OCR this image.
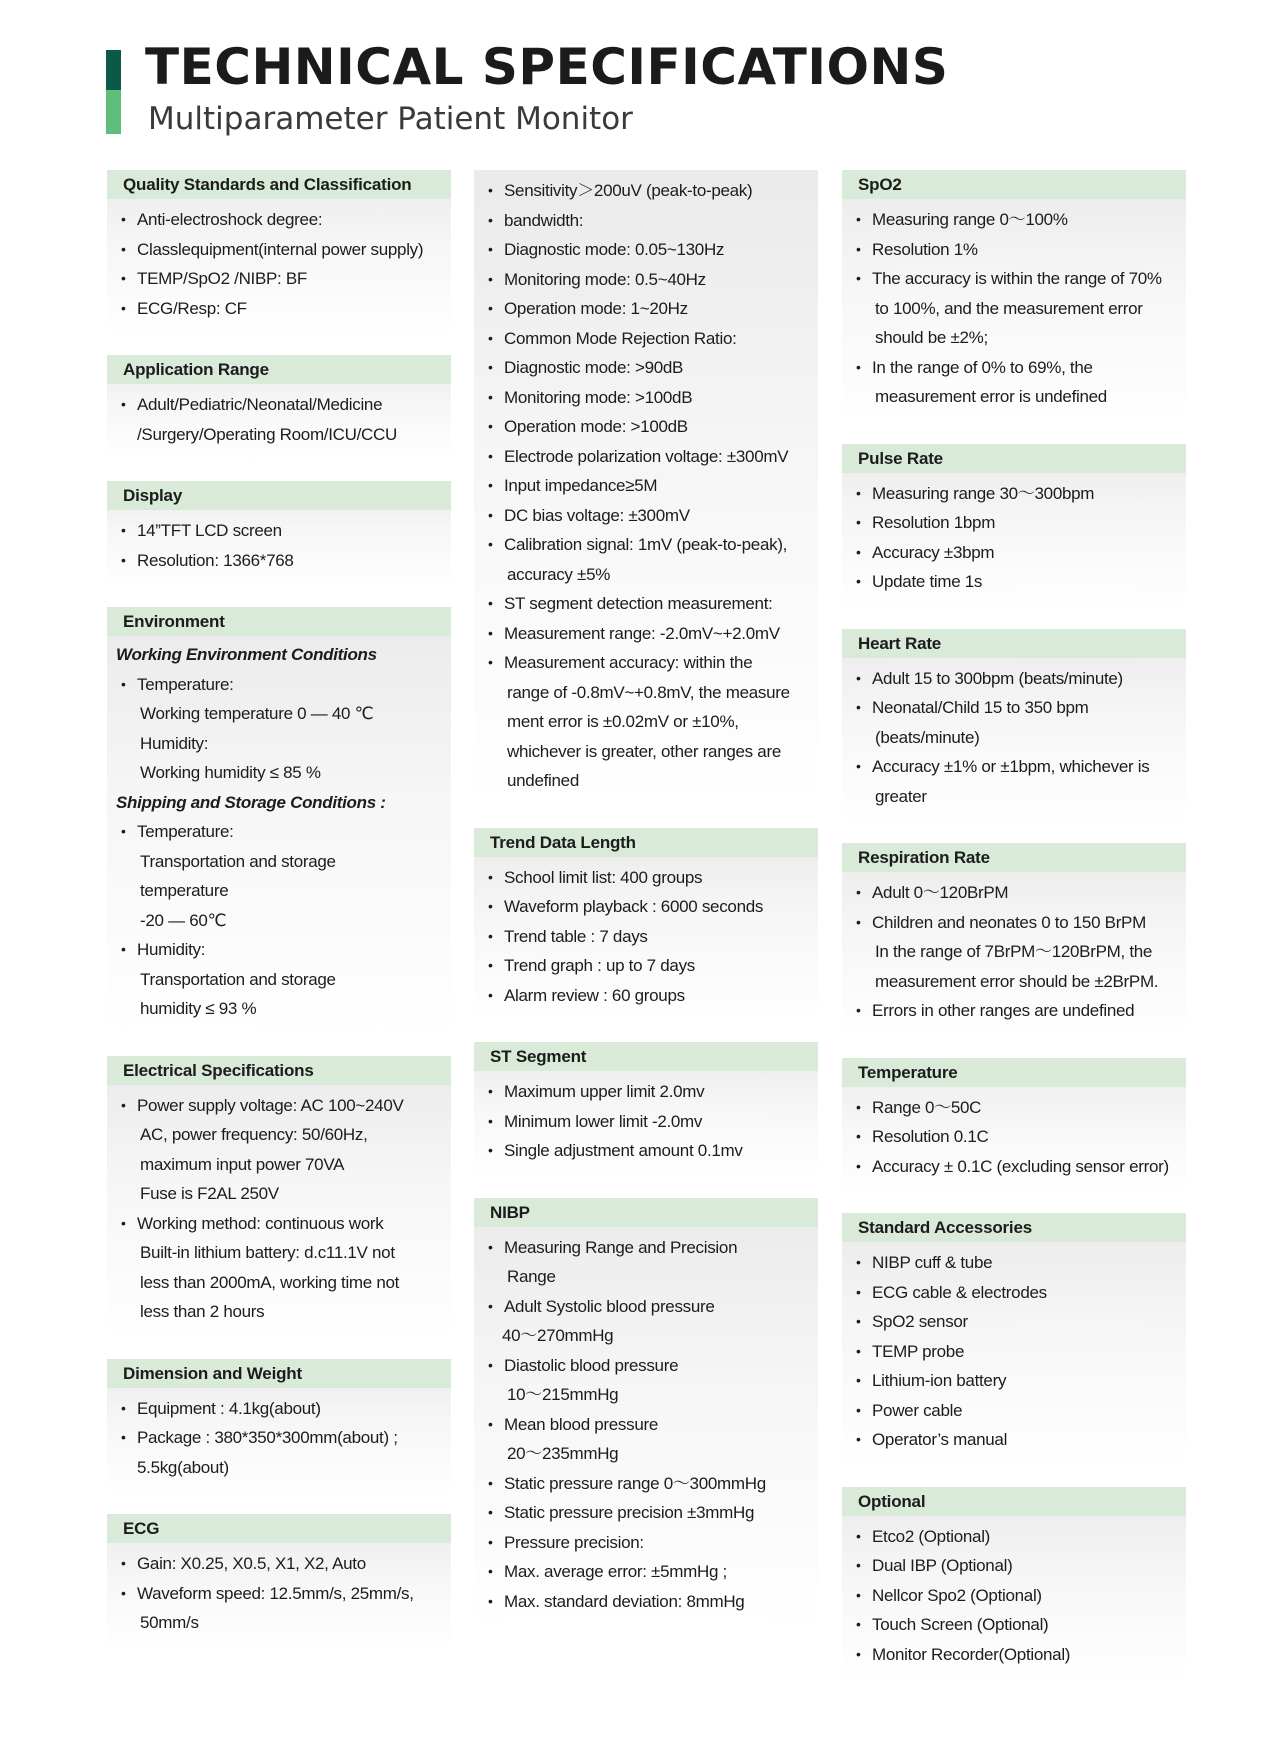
TECHNICAL SPECIFICATIONS
Multiparameter Patient Monitor
Quality Standards and Classification
• Anti-electroshock degree:
• Classlequipment(internal power supply)
• TEMP/SpO2 /NIBP: BF
• ECG/Resp: CF
Application Range
• Adult/Pediatric/Neonatal/Medicine
/Surgery/Operating Room/ICU/CCU
Display
• 14”TFT LCD screen
• Resolution: 1366*768
Environment
Working Environment Conditions
• Temperature:
Working temperature 0 — 40 ℃
Humidity:
Working humidity ≤ 85 %
Shipping and Storage Conditions :
• Temperature:
Transportation and storage
temperature
-20 — 60℃
• Humidity:
Transportation and storage
humidity ≤ 93 %
Electrical Specifications
• Power supply voltage: AC 100~240V
AC, power frequency: 50/60Hz,
maximum input power 70VA
Fuse is F2AL 250V
• Working method: continuous work
Built-in lithium battery: d.c11.1V not
less than 2000mA, working time not
less than 2 hours
Dimension and Weight
• Equipment : 4.1kg(about)
• Package : 380*350*300mm(about) ;
5.5kg(about)
ECG
• Gain: X0.25, X0.5, X1, X2, Auto
• Waveform speed: 12.5mm/s, 25mm/s,
50mm/s
• Sensitivity＞200uV (peak-to-peak)
• bandwidth:
• Diagnostic mode: 0.05~130Hz
• Monitoring mode: 0.5~40Hz
• Operation mode: 1~20Hz
• Common Mode Rejection Ratio:
• Diagnostic mode: >90dB
• Monitoring mode: >100dB
• Operation mode: >100dB
• Electrode polarization voltage: ±300mV
• Input impedance≥5M
• DC bias voltage: ±300mV
• Calibration signal: 1mV (peak-to-peak),
accuracy ±5%
• ST segment detection measurement:
• Measurement range: -2.0mV~+2.0mV
• Measurement accuracy: within the
range of -0.8mV~+0.8mV, the measure
ment error is ±0.02mV or ±10%,
whichever is greater, other ranges are
undefined
Trend Data Length
• School limit list: 400 groups
• Waveform playback : 6000 seconds
• Trend table : 7 days
• Trend graph : up to 7 days
• Alarm review : 60 groups
ST Segment
• Maximum upper limit 2.0mv
• Minimum lower limit -2.0mv
• Single adjustment amount 0.1mv
NIBP
• Measuring Range and Precision
Range
• Adult Systolic blood pressure
40～270mmHg
• Diastolic blood pressure
10～215mmHg
• Mean blood pressure
20～235mmHg
• Static pressure range 0～300mmHg
• Static pressure precision ±3mmHg
• Pressure precision:
• Max. average error: ±5mmHg ;
• Max. standard deviation: 8mmHg
SpO2
• Measuring range 0～100%
• Resolution 1%
• The accuracy is within the range of 70%
to 100%, and the measurement error
should be ±2%;
• In the range of 0% to 69%, the
measurement error is undefined
Pulse Rate
• Measuring range 30～300bpm
• Resolution 1bpm
• Accuracy ±3bpm
• Update time 1s
Heart Rate
• Adult 15 to 300bpm (beats/minute)
• Neonatal/Child 15 to 350 bpm
(beats/minute)
• Accuracy ±1% or ±1bpm, whichever is
greater
Respiration Rate
• Adult 0～120BrPM
• Children and neonates 0 to 150 BrPM
In the range of 7BrPM～120BrPM, the
measurement error should be ±2BrPM.
• Errors in other ranges are undefined
Temperature
• Range 0～50C
• Resolution 0.1C
• Accuracy ± 0.1C (excluding sensor error)
Standard Accessories
• NIBP cuff & tube
• ECG cable & electrodes
• SpO2 sensor
• TEMP probe
• Lithium-ion battery
• Power cable
• Operator’s manual
Optional
• Etco2 (Optional)
• Dual IBP (Optional)
• Nellcor Spo2 (Optional)
• Touch Screen (Optional)
• Monitor Recorder(Optional)
